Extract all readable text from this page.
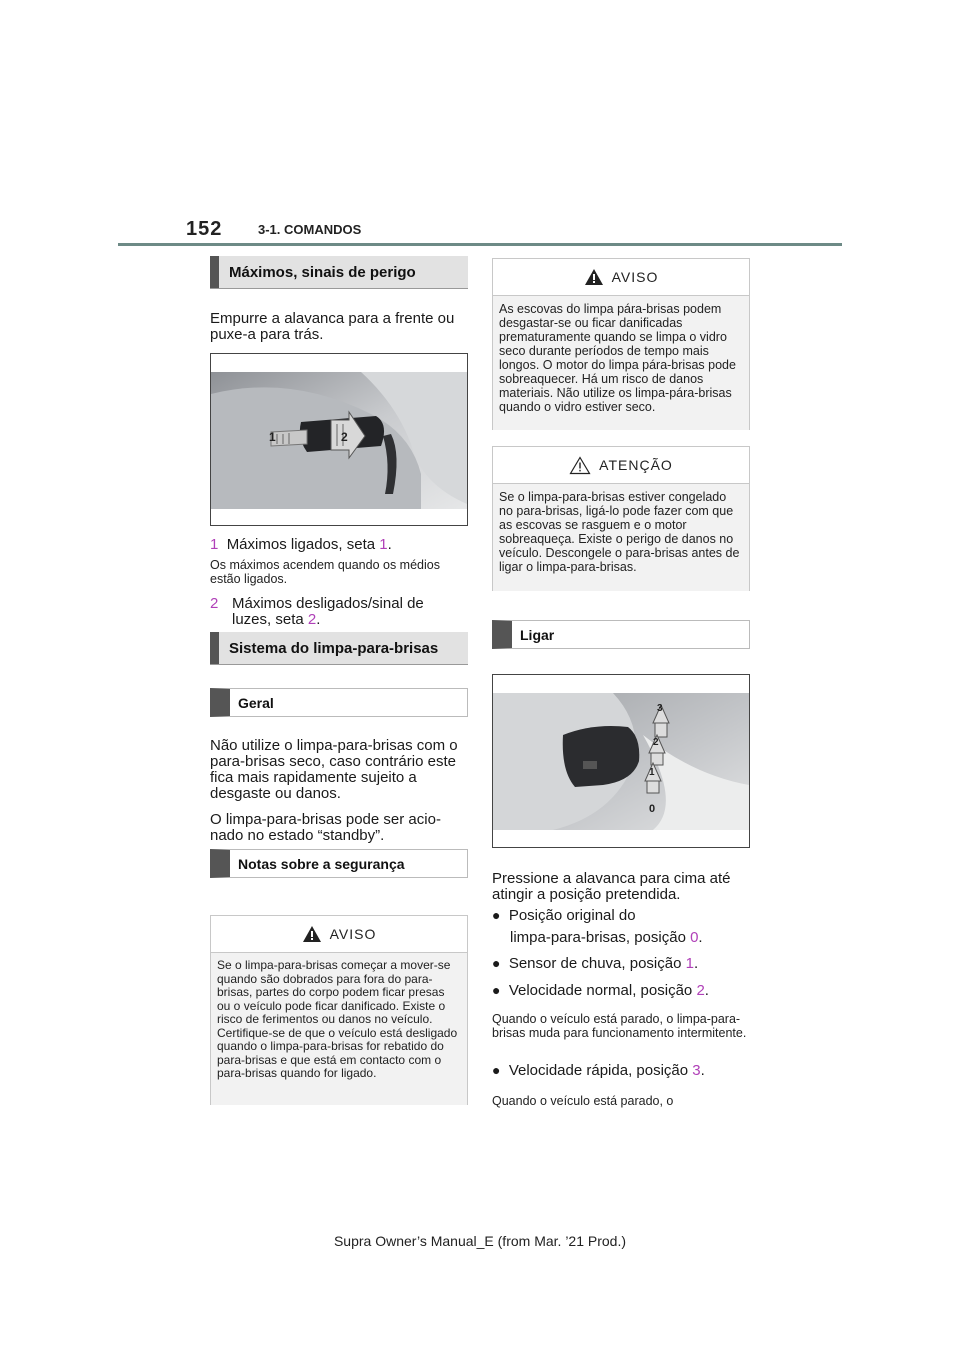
152	3-1. COMANDOS
Máximos, sinais de perigo
Empurre a alavanca para a frente ou puxe-a para trás.
1	2
1 Máximos ligados, seta 1.
Os máximos acendem quando os médios estão ligados.
2 Máximos desligados/sinal de luzes, seta 2.
Sistema do limpa-para-brisas
Geral
Não utilize o limpa-para-brisas com o para-brisas seco, caso contrário este fica mais rapidamente sujeito a desgaste ou danos.
O limpa-para-brisas pode ser acionado no estado “standby”.
Notas sobre a segurança
AVISO
Se o limpa-para-brisas começar a mover-se quando são dobrados para fora do para-brisas, partes do corpo podem ficar presas ou o veículo pode ficar danificado. Existe o risco de ferimentos ou danos no veículo. Certifique-se de que o veículo está desligado quando o limpa-para-brisas for rebatido do para-brisas e que está em contacto com o para-brisas quando for ligado.
AVISO
As escovas do limpa pára-brisas podem desgastar-se ou ficar danificadas prematuramente quando se limpa o vidro seco durante períodos de tempo mais longos. O motor do limpa pára-brisas pode sobreaquecer. Há um risco de danos materiais. Não utilize os limpa-pára-brisas quando o vidro estiver seco.
ATENÇÃO
Se o limpa-para-brisas estiver congelado no para-brisas, ligá-lo pode fazer com que as escovas se rasguem e o motor sobreaqueça. Existe o perigo de danos no veículo. Descongele o para-brisas antes de ligar o limpa-para-brisas.
Ligar
3
2
1
0
Pressione a alavanca para cima até atingir a posição pretendida.
● Posição original do
limpa-para-brisas, posição 0.
● Sensor de chuva, posição 1.
● Velocidade normal, posição 2.
Quando o veículo está parado, o limpa-para-brisas muda para funcionamento intermitente.
● Velocidade rápida, posição 3.
Quando o veículo está parado, o
Supra Owner’s Manual_E (from Mar. ’21 Prod.)
